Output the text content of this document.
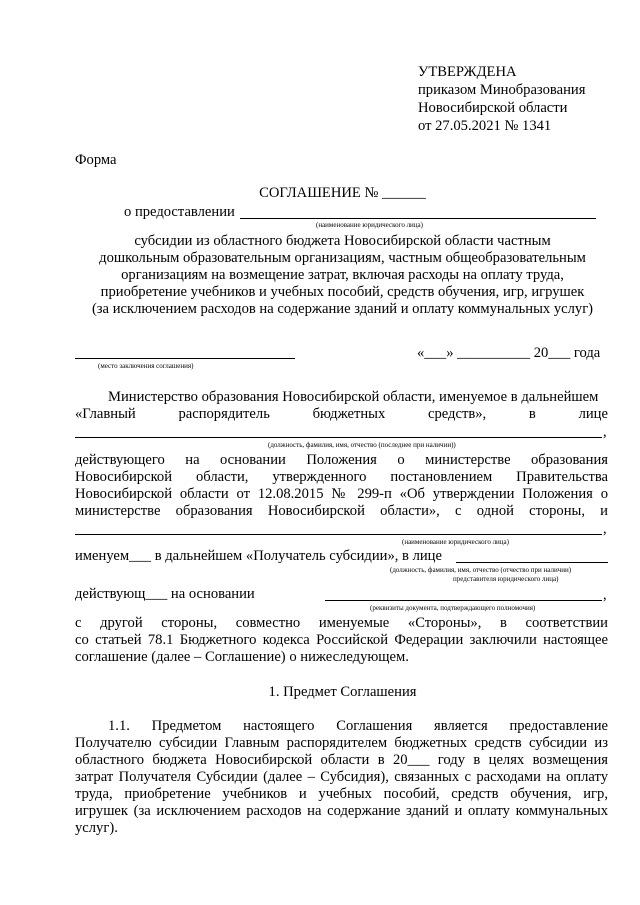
УТВЕРЖДЕНА
приказом Минобразования
Новосибирской области
от 27.05.2021 № 1341
Форма
СОГЛАШЕНИЕ № ______
о предоставлении
(наименование юридического лица)
субсидии из областного бюджета Новосибирской области частным
дошкольным образовательным организациям, частным общеобразовательным
организациям на возмещение затрат, включая расходы на оплату труда,
приобретение учебников и учебных пособий, средств обучения, игр, игрушек
(за исключением расходов на содержание зданий и оплату коммунальных услуг)
(место заключения соглашения)
«___» __________ 20___ года
Министерство образования Новосибирской области, именуемое в дальнейшем
«Главный	распорядитель	бюджетных	средств»,	в	лице
,
(должность, фамилия, имя, отчество (последнее при наличии))
действующего на основании Положения о министерстве образования
Новосибирской области, утвержденного постановлением Правительства
Новосибирской области от 12.08.2015 № 299-п «Об утверждении Положения о
министерстве образования Новосибирской области», с одной стороны, и
,
(наименование юридического лица)
именуем___ в дальнейшем «Получатель субсидии», в лице
(должность, фамилия, имя, отчество (отчество при наличии)
представителя юридического лица)
действующ___ на основании	,
(реквизиты документа, подтверждающего полномочия)
с другой стороны, совместно именуемые «Стороны», в соответствии
со статьей 78.1 Бюджетного кодекса Российской Федерации заключили настоящее
соглашение (далее – Соглашение) о нижеследующем.
1. Предмет Соглашения
1.1. Предметом настоящего Соглашения является предоставление
Получателю субсидии Главным распорядителем бюджетных средств субсидии из
областного бюджета Новосибирской области в 20___ году в целях возмещения
затрат Получателя Субсидии (далее – Субсидия), связанных с расходами на оплату
труда, приобретение учебников и учебных пособий, средств обучения, игр,
игрушек (за исключением расходов на содержание зданий и оплату коммунальных
услуг).
